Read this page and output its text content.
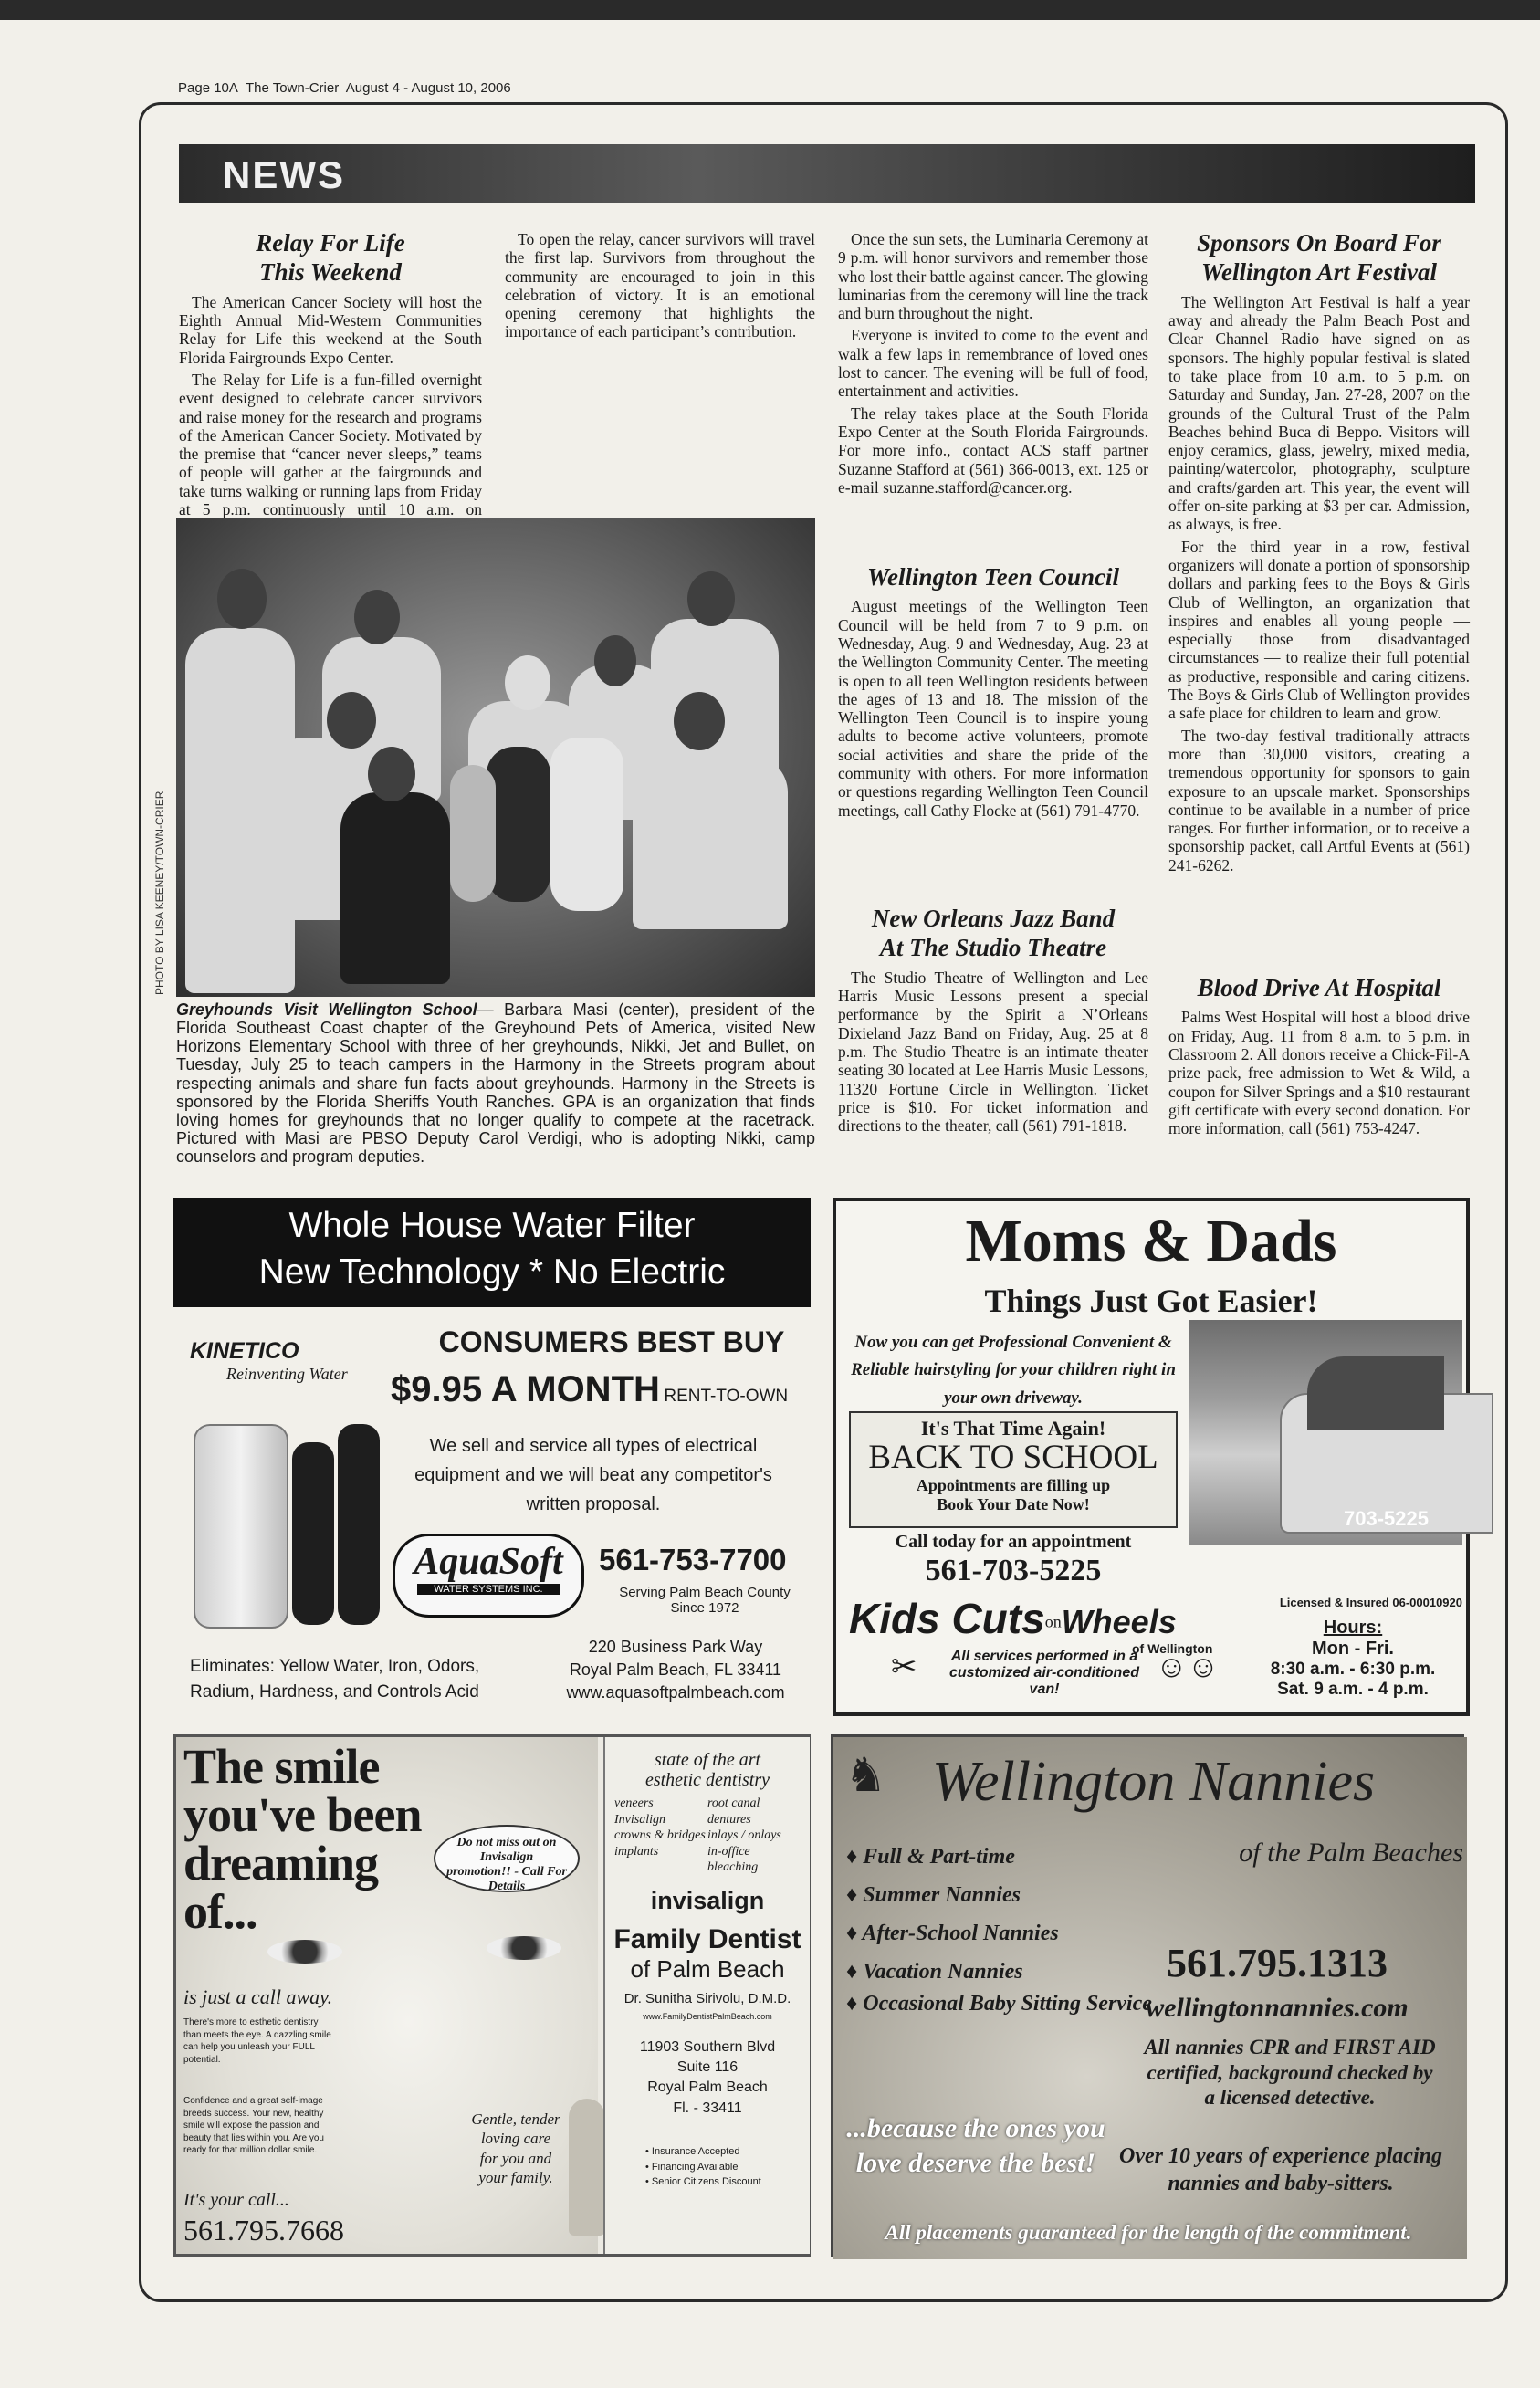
Page 10A The Town-Crier August 4 - August 10, 2006
NEWS
Relay For Life
This Weekend

The American Cancer Society will host the Eighth Annual Mid-Western Communities Relay for Life this weekend at the South Florida Fairgrounds Expo Center.

The Relay for Life is a fun-filled overnight event designed to celebrate cancer survivors and raise money for the research and programs of the American Cancer Society. Motivated by the premise that “cancer never sleeps,” teams of people will gather at the fairgrounds and take turns walking or running laps from Friday at 5 p.m. continuously until 10 a.m. on

To open the relay, cancer survivors will travel the first lap. Survivors from throughout the community are encouraged to join in this celebration of victory. It is an emotional opening ceremony that highlights the importance of each participant’s contribution.

Once the sun sets, the Luminaria Ceremony at 9 p.m. will honor survivors and remember those who lost their battle against cancer. The glowing luminarias from the ceremony will line the track and burn throughout the night.

Everyone is invited to come to the event and walk a few laps in remembrance of loved ones lost to cancer. The evening will be full of food, entertainment and activities.

The relay takes place at the South Florida Expo Center at the South Florida Fairgrounds. For more info., contact ACS staff partner Suzanne Stafford at (561) 366-0013, ext. 125 or e-mail suzanne.stafford@cancer.org.

Wellington Teen Council

August meetings of the Wellington Teen Council will be held from 7 to 9 p.m. on Wednesday, Aug. 9 and Wednesday, Aug. 23 at the Wellington Community Center. The meeting is open to all teen Wellington residents between the ages of 13 and 18. The mission of the Wellington Teen Council is to inspire young adults to become active volunteers, promote social activities and share the pride of the community with others. For more information or questions regarding Wellington Teen Council meetings, call Cathy Flocke at (561) 791-4770.

New Orleans Jazz Band
At The Studio Theatre

The Studio Theatre of Wellington and Lee Harris Music Lessons present a special performance by the Spirit a N’Orleans Dixieland Jazz Band on Friday, Aug. 25 at 8 p.m. The Studio Theatre is an intimate theater seating 30 located at Lee Harris Music Lessons, 11320 Fortune Circle in Wellington. Ticket price is $10. For ticket information and directions to the theater, call (561) 791-1818.

Sponsors On Board For
Wellington Art Festival

The Wellington Art Festival is half a year away and already the Palm Beach Post and Clear Channel Radio have signed on as sponsors. The highly popular festival is slated to take place from 10 a.m. to 5 p.m. on Saturday and Sunday, Jan. 27-28, 2007 on the grounds of the Cultural Trust of the Palm Beaches behind Buca di Beppo. Visitors will enjoy ceramics, glass, jewelry, mixed media, painting/watercolor, photography, sculpture and crafts/garden art. This year, the event will offer on-site parking at $3 per car. Admission, as always, is free.

For the third year in a row, festival organizers will donate a portion of sponsorship dollars and parking fees to the Boys & Girls Club of Wellington, an organization that inspires and enables all young people — especially those from disadvantaged circumstances — to realize their full potential as productive, responsible and caring citizens. The Boys & Girls Club of Wellington provides a safe place for children to learn and grow.

The two-day festival traditionally attracts more than 30,000 visitors, creating a tremendous opportunity for sponsors to gain exposure to an upscale market. Sponsorships continue to be available in a number of price ranges. For further information, or to receive a sponsorship packet, call Artful Events at (561) 241-6262.

Blood Drive At Hospital

Palms West Hospital will host a blood drive on Friday, Aug. 11 from 8 a.m. to 5 p.m. in Classroom 2. All donors receive a Chick-Fil-A prize pack, free admission to Wet & Wild, a coupon for Silver Springs and a $10 restaurant gift certificate with every second donation. For more information, call (561) 753-4247.

PHOTO BY LISA KEENEY/TOWN-CRIER
Greyhounds Visit Wellington School— Barbara Masi (center), president of the Florida Southeast Coast chapter of the Greyhound Pets of America, visited New Horizons Elementary School with three of her greyhounds, Nikki, Jet and Bullet, on Tuesday, July 25 to teach campers in the Harmony in the Streets program about respecting animals and share fun facts about greyhounds. Harmony in the Streets is sponsored by the Florida Sheriffs Youth Ranches. GPA is an organization that finds loving homes for greyhounds that no longer qualify to compete at the racetrack. Pictured with Masi are PBSO Deputy Carol Verdigi, who is adopting Nikki, camp counselors and program deputies.
Whole House Water Filter
New Technology * No Electric
KINETICO
Reinventing Water
CONSUMERS BEST BUY
$9.95 A MONTH RENT-TO-OWN
We sell and service all types of electrical equipment and we will beat any competitor's written proposal.
AquaSoft
WATER SYSTEMS INC.
561-753-7700
Serving Palm Beach County
Since 1972
Eliminates: Yellow Water, Iron, Odors, Radium, Hardness, and Controls Acid
220 Business Park Way
Royal Palm Beach, FL 33411
www.aquasoftpalmbeach.com
Moms & Dads
Things Just Got Easier!
Now you can get Professional Convenient & Reliable hairstyling for your children right in your own driveway.
It's That Time Again!
BACK TO SCHOOL
Appointments are filling up
Book Your Date Now!
Call today for an appointment
561-703-5225
703-5225
Kids Cuts$^{on}$Wheels
of Wellington
Licensed & Insured 06-00010920
✂	All services performed in a customized air-conditioned van!
☺☺
Hours:
Mon - Fri.
8:30 a.m. - 6:30 p.m.
Sat. 9 a.m. - 4 p.m.
The smile you've been dreaming of...
Do not miss out on Invisalign promotion!! - Call For Details
is just a call away.
There's more to esthetic dentistry than meets the eye. A dazzling smile can help you unleash your FULL potential.
Confidence and a great self-image breeds success. Your new, healthy smile will expose the passion and beauty that lies within you. Are you ready for that million dollar smile.
It's your call...
561.795.7668
Gentle, tender loving care for you and your family.
state of the art esthetic dentistry
veneers	root canal
Invisalign	dentures
crowns & bridges inlays / onlays
implants	in-office bleaching
invisalign
Family Dentist
of Palm Beach
Dr. Sunitha Sirivolu, D.M.D.
www.FamilyDentistPalmBeach.com
11903 Southern Blvd
Suite 116
Royal Palm Beach
Fl. - 33411
• Insurance Accepted
• Financing Available
• Senior Citizens Discount
♞ Wellington Nannies
of the Palm Beaches
♦ Full & Part-time
♦ Summer Nannies
♦ After-School Nannies
♦ Vacation Nannies
♦ Occasional Baby Sitting Service
561.795.1313
wellingtonnannies.com
All nannies CPR and FIRST AID certified, background checked by a licensed detective.
...because the ones you love deserve the best!	Over 10 years of experience placing nannies and baby-sitters.
All placements guaranteed for the length of the commitment.
